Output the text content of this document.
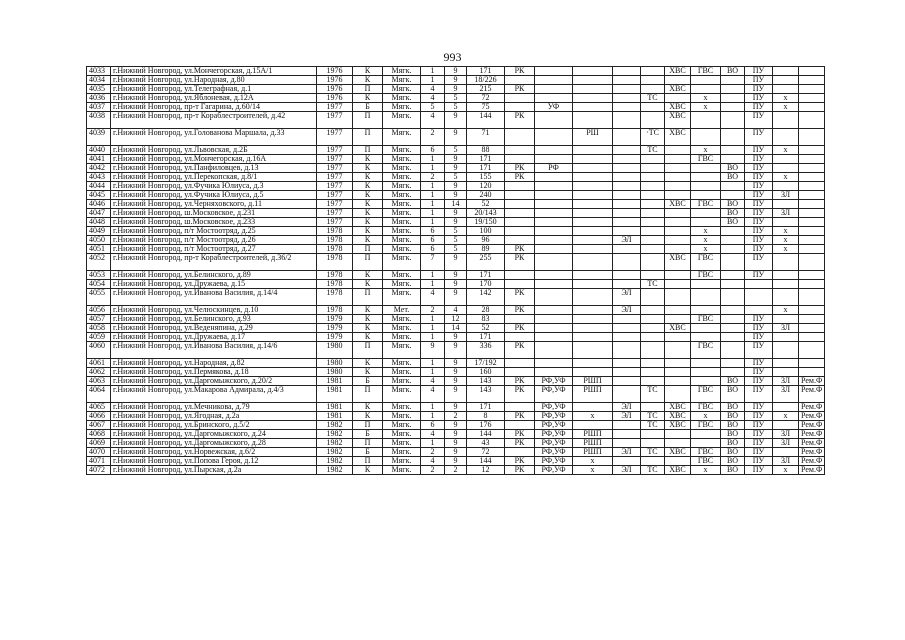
993
4033	г.Нижний Новгород, ул.Мончегорская, д.15А/1	1976	К	Мягк.	1	9	171	РК					ХВС	ГВС	ВО	ПУ		
4034	г.Нижний Новгород, ул.Народная, д.80	1976	К	Мягк.	1	9	18/226									ПУ		
4035	г.Нижний Новгород, ул.Телеграфная, д.1	1976	П	Мягк.	4	9	215	РК					ХВС			ПУ		
4036	г.Нижний Новгород, ул.Яблоневая, д.12А	1976	К	Мягк.	4	5	72					ТС		х		ПУ	х	
4037	г.Нижний Новгород, пр-т Гагарина, д.60/14	1977	Б	Мягк.	5	5	75		УФ				ХВС	х		ПУ	х	
4038	г.Нижний Новгород, пр-т Кораблестроителей, д.42	1977	П	Мягк.	4	9	144	РК					ХВС			ПУ		
4039	г.Нижний Новгород, ул.Голованова Маршала, д.33	1977	П	Мягк.	2	9	71			РШ		·ТС	ХВС			ПУ		
4040	г.Нижний Новгород, ул.Львовская, д.2Б	1977	П	Мягк.	6	5	88					ТС		х		ПУ	х	
4041	г.Нижний Новгород, ул.Мончегорская, д.16А	1977	К	Мягк.	1	9	171							ГВС		ПУ		
4042	г.Нижний Новгород, ул.Панфиловцев, д.13	1977	К	Мягк.	1	9	171	РК	РФ						ВО	ПУ		
4043	г.Нижний Новгород, ул.Перекопская, д.8/1	1977	К	Мягк.	2	5	155	РК							ВО	ПУ	х	
4044	г.Нижний Новгород, ул.Фучика Юлиуса, д.3	1977	К	Мягк.	1	9	120									ПУ		
4045	г.Нижний Новгород, ул.Фучика Юлиуса, д.5	1977	К	Мягк.	1	9	240									ПУ	ЗЛ	
4046	г.Нижний Новгород, ул.Черняховского, д.11	1977	К	Мягк.	1	14	52						ХВС	ГВС	ВО	ПУ		
4047	г.Нижний Новгород, ш.Московское, д.231	1977	К	Мягк.	1	9	20/143								ВО	ПУ	ЗЛ	
4048	г.Нижний Новгород, ш.Московское, д.233	1977	К	Мягк.	1	9	19/150								ВО	ПУ		
4049	г.Нижний Новгород, п/т Мостоотряд, д.25	1978	К	Мягк.	6	5	100							х		ПУ	х	
4050	г.Нижний Новгород, п/т Мостоотряд, д.26	1978	К	Мягк.	6	5	96				ЭЛ			х		ПУ	х	
4051	г.Нижний Новгород, п/т Мостоотряд, д.27	1978	П	Мягк.	6	5	89	РК						х		ПУ	х	
4052	г.Нижний Новгород, пр-т Кораблестроителей, д.36/2	1978	П	Мягк.	7	9	255	РК					ХВС	ГВС		ПУ		
4053	г.Нижний Новгород, ул.Белинского, д.89	1978	К	Мягк.	1	9	171							ГВС		ПУ		
4054	г.Нижний Новгород, ул.Дружаева, д.15	1978	К	Мягк.	1	9	170					ТС						
4055	г.Нижний Новгород, ул.Иванова Василия, д.14/4	1978	П	Мягк.	4	9	142	РК			ЭЛ							
4056	г.Нижний Новгород, ул.Челюскинцев, д.10	1978	К	Мет.	2	4	28	РК			ЭЛ						х	
4057	г.Нижний Новгород, ул.Белинского, д.93	1979	К	Мягк.	1	12	83							ГВС		ПУ		
4058	г.Нижний Новгород, ул.Веденяпина, д.29	1979	К	Мягк.	1	14	52	РК					ХВС			ПУ	ЗЛ	
4059	г.Нижний Новгород, ул.Дружаева, д.17	1979	К	Мягк.	1	9	171									ПУ		
4060	г.Нижний Новгород, ул.Иванова Василия, д.14/6	1980	П	Мягк.	9	9	336	РК						ГВС		ПУ		
4061	г.Нижний Новгород, ул.Народная, д.82	1980	К	Мягк.	1	9	17/192									ПУ		
4062	г.Нижний Новгород, ул.Пермякова, д.18	1980	К	Мягк.	1	9	160									ПУ		
4063	г.Нижний Новгород, ул.Даргомыжского, д.20/2	1981	Б	Мягк.	4	9	143	РК	РФ,УФ	РШП					ВО	ПУ	ЗЛ	Рем.Ф
4064	г.Нижний Новгород, ул.Макарова Адмирала, д.4/3	1981	П	Мягк.	4	9	143	РК	РФ,УФ	РШП		ТС		ГВС	ВО	ПУ	ЗЛ	Рем.Ф
4065	г.Нижний Новгород, ул.Мечникова, д.79	1981	К	Мягк.	1	9	171		РФ,УФ		ЭЛ		ХВС	ГВС	ВО	ПУ		Рем.Ф
4066	г.Нижний Новгород, ул.Ягодная, д.2а	1981	К	Мягк.	1	2	8	РК	РФ,УФ	х	ЭЛ	ТС	ХВС	х	ВО	ПУ	х	Рем.Ф
4067	г.Нижний Новгород, ул.Бринского, д.5/2	1982	П	Мягк.	6	9	176		РФ,УФ			ТС	ХВС	ГВС	ВО	ПУ		Рем.Ф
4068	г.Нижний Новгород, ул.Даргомыжского, д.24	1982	Б	Мягк.	4	9	144	РК	РФ,УФ	РШП					ВО	ПУ	ЗЛ	Рем.Ф
4069	г.Нижний Новгород, ул.Даргомыжского, д.28	1982	П	Мягк.	1	9	43	РК	РФ,УФ	РШП					ВО	ПУ	ЗЛ	Рем.Ф
4070	г.Нижний Новгород, ул.Норвежская, д.6/2	1982	Б	Мягк.	2	9	72		РФ,УФ	РШП	ЭЛ	ТС	ХВС	ГВС	ВО	ПУ		Рем.Ф
4071	г.Нижний Новгород, ул.Попова Героя, д.12	1982	П	Мягк.	4	9	144	РК	РФ,УФ	х				ГВС	ВО	ПУ	ЗЛ	Рем.Ф
4072	г.Нижний Новгород, ул.Пырская, д.2а	1982	К	Мягк.	2	2	12	РК	РФ,УФ	х	ЭЛ	ТС	ХВС	х	ВО	ПУ	х	Рем.Ф
